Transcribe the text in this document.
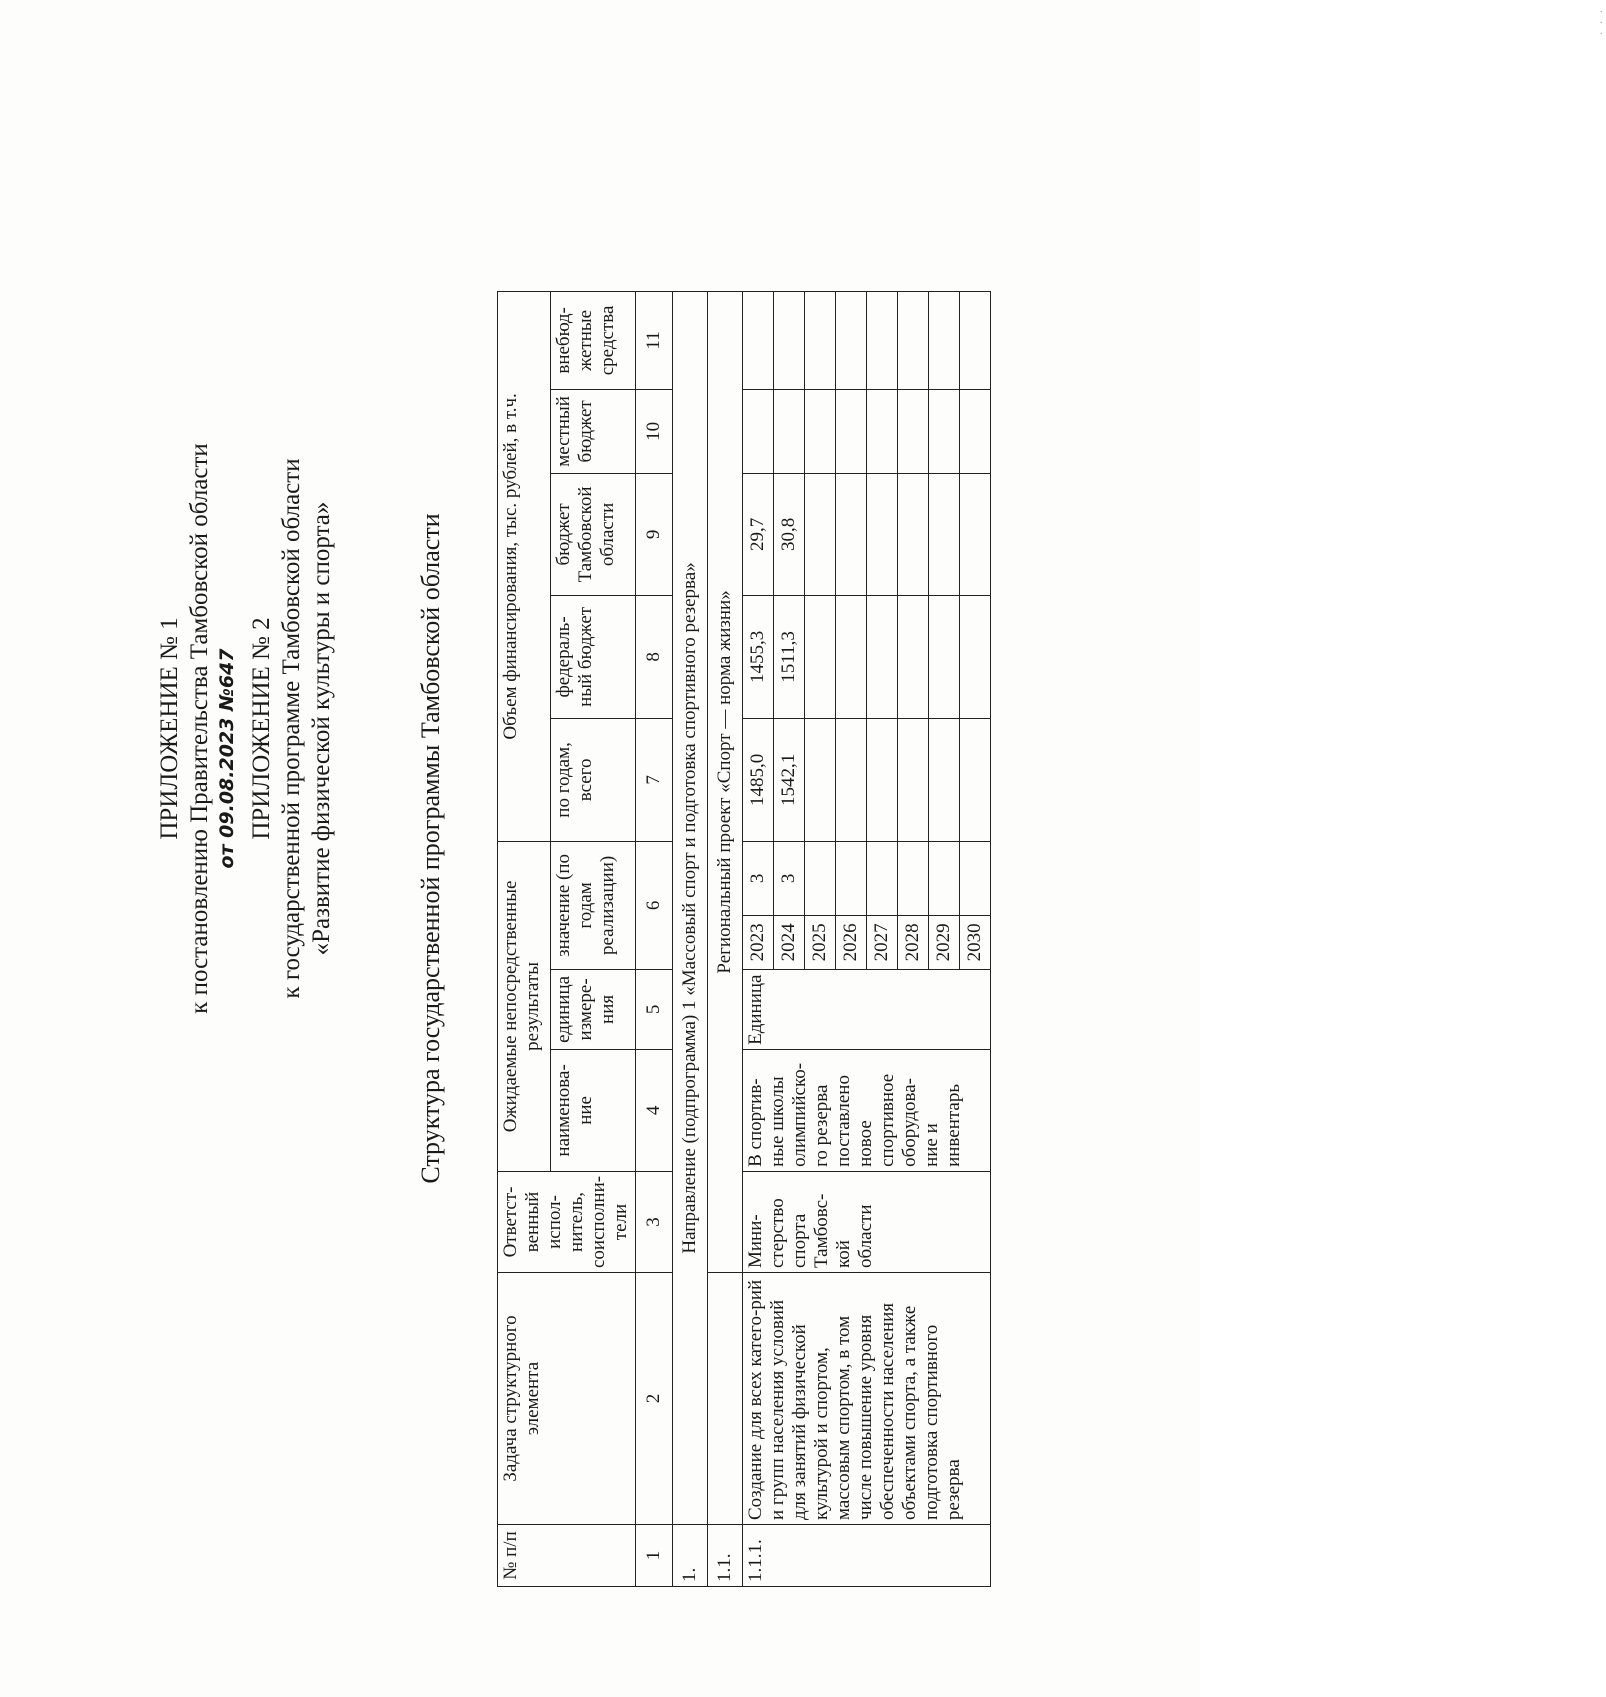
. . .
ПРИЛОЖЕНИЕ № 1 к постановлению Правительства Тамбовской области от 09.08.2023 №647 ПРИЛОЖЕНИЕ № 2 к государственной программе Тамбовской области «Развитие физической культуры и спорта»	Структура государственной программы Тамбовской области
№ п/п	Задача структурного элемента	Ответст-венный испол-нитель, соисполни-тели	Ожидаемые непосредственные результаты				Объем финансирования, тыс. рублей, в т.ч.				
			наименова-ние	единица измере-ния	значение (по годам реализации)		по годам, всего	федераль-ный бюджет	бюджет Тамбовской области	местный бюджет	внебюд-жетные средства
1	2	3	4	5	6		7	8	9	10	11
1.	Направление (подпрограмма) 1 «Массовый спорт и подготовка спортивного резерва»										
1.1.		Региональный проект «Спорт — норма жизни»									
1.1.1.	Создание для всех катего-рий и групп населения условий для занятий физической культурой и спортом, массовым спортом, в том числе повышение уровня обеспеченности населения объектами спорта, а также подготовка спортивного резерва	Мини-стерство спорта Тамбовс-кой области	В спортив-ные школы олимпийско-го резерва поставлено новое спортивное оборудова-ние и инвентарь	Единица	2023	3	1485,0	1455,3	29,7		
					2024	3	1542,1	1511,3	30,8		
					2025						
					2026						
					2027						
					2028						
					2029						
					2030						
